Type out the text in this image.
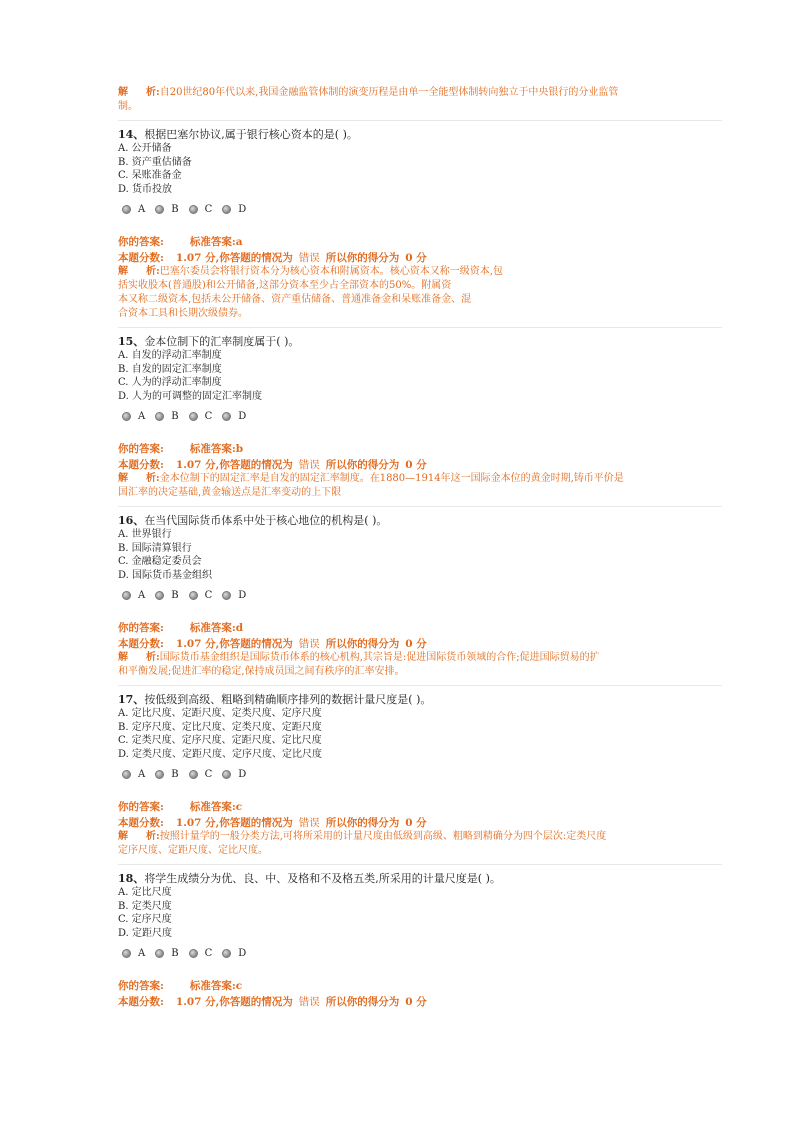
解 析:自20世纪80年代以来,我国金融监管体制的演变历程是由单一全能型体制转向独立于中央银行的分业监管
制。
14、根据巴塞尔协议,属于银行核心资本的是( )。
A. 公开储备
B. 资产重估储备
C. 呆账准备金
D. 货币投放
A	B	C	D
你的答案: 标准答案:a
本题分数: 1.07 分,你答题的情况为 错误 所以你的得分为 0 分
解 析:巴塞尔委员会将银行资本分为核心资本和附属资本。核心资本又称一级资本,包
括实收股本(普通股)和公开储备,这部分资本至少占全部资本的50%。附属资
本又称二级资本,包括未公开储备、资产重估储备、普通准备金和呆账准备金、混
合资本工具和长期次级债券。
15、金本位制下的汇率制度属于( )。
A. 自发的浮动汇率制度
B. 自发的固定汇率制度
C. 人为的浮动汇率制度
D. 人为的可调整的固定汇率制度
A	B	C	D
你的答案: 标准答案:b
本题分数: 1.07 分,你答题的情况为 错误 所以你的得分为 0 分
解 析:金本位制下的固定汇率是自发的固定汇率制度。在1880—1914年这一国际金本位的黄金时期,铸币平价是
国汇率的决定基础,黄金输送点是汇率变动的上下限
16、在当代国际货币体系中处于核心地位的机构是( )。
A. 世界银行
B. 国际清算银行
C. 金融稳定委员会
D. 国际货币基金组织
A	B	C	D
你的答案: 标准答案:d
本题分数: 1.07 分,你答题的情况为 错误 所以你的得分为 0 分
解 析:国际货币基金组织是国际货币体系的核心机构,其宗旨是:促进国际货币领域的合作;促进国际贸易的扩
和平衡发展;促进汇率的稳定,保持成员国之间有秩序的汇率安排。
17、按低级到高级、粗略到精确顺序排列的数据计量尺度是( )。
A. 定比尺度、定距尺度、定类尺度、定序尺度
B. 定序尺度、定比尺度、定类尺度、定距尺度
C. 定类尺度、定序尺度、定距尺度、定比尺度
D. 定类尺度、定距尺度、定序尺度、定比尺度
A	B	C	D
你的答案: 标准答案:c
本题分数: 1.07 分,你答题的情况为 错误 所以你的得分为 0 分
解 析:按照计量学的一般分类方法,可将所采用的计量尺度由低级到高级、粗略到精确分为四个层次:定类尺度
定序尺度、定距尺度、定比尺度。
18、将学生成绩分为优、良、中、及格和不及格五类,所采用的计量尺度是( )。
A. 定比尺度
B. 定类尺度
C. 定序尺度
D. 定距尺度
A	B	C	D
你的答案: 标准答案:c
本题分数: 1.07 分,你答题的情况为 错误 所以你的得分为 0 分
